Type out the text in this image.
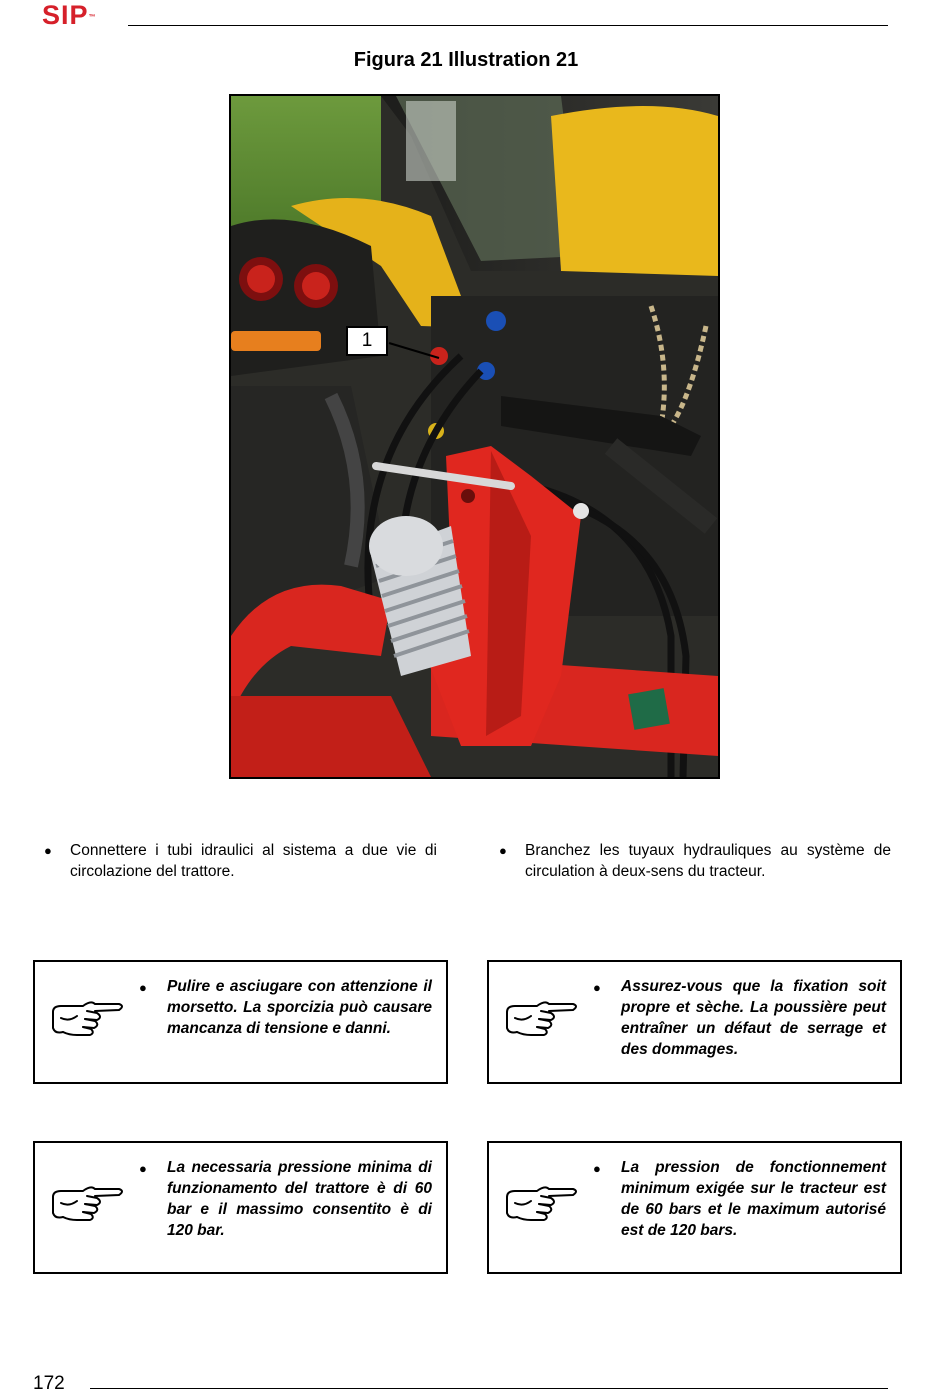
SIP™
Figura 21 Illustration 21
1
● Connettere i tubi idraulici al sistema a due vie di circolazione del trattore.
● Branchez les tuyaux hydrauliques au système de circulation à deux-sens du tracteur.
● Pulire e asciugare con attenzione il morsetto. La sporcizia può causare mancanza di tensione e danni.
● Assurez-vous que la fixation soit propre et sèche. La poussière peut entraîner un défaut de serrage et des dommages.
● La necessaria pressione minima di funzionamento del trattore è di 60 bar e il massimo consentito è di 120 bar.
● La pression de fonctionnement minimum exigée sur le tracteur est de 60 bars et le maximum autorisé est de 120 bars.
172
